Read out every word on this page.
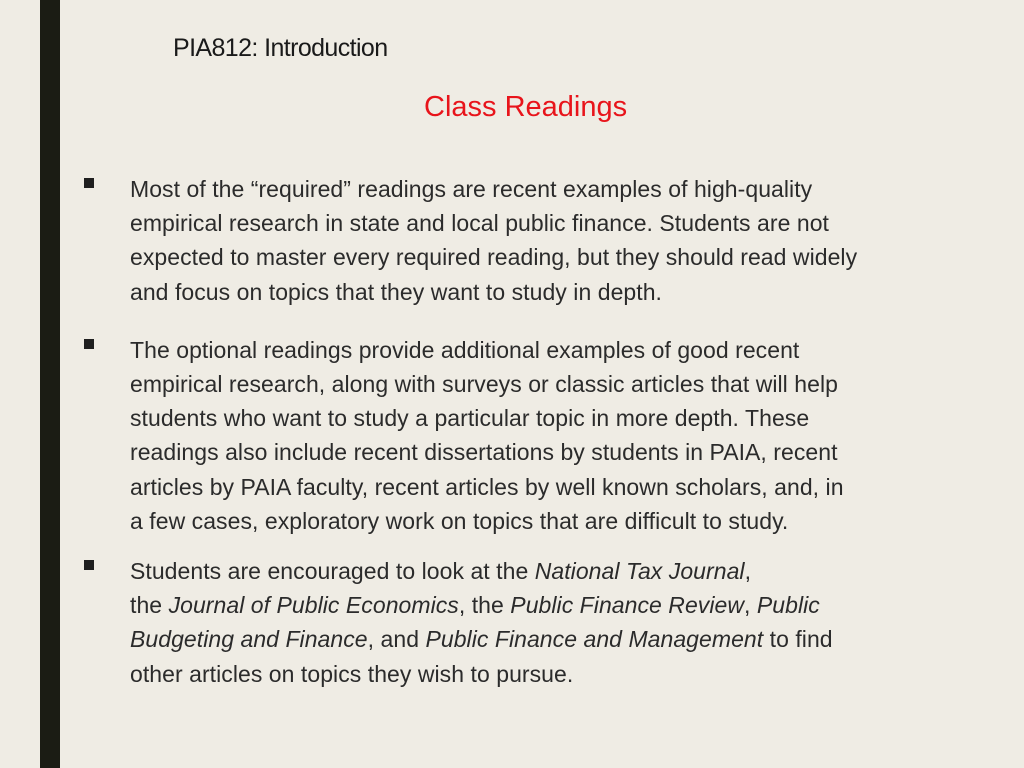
PIA812: Introduction
Class Readings
Most of the “required” readings are recent examples of high-quality
empirical research in state and local public finance. Students are not
expected to master every required reading, but they should read widely
and focus on topics that they want to study in depth.
The optional readings provide additional examples of good recent
empirical research, along with surveys or classic articles that will help
students who want to study a particular topic in more depth. These
readings also include recent dissertations by students in PAIA, recent
articles by PAIA faculty, recent articles by well known scholars, and, in
a few cases, exploratory work on topics that are difficult to study.
Students are encouraged to look at the National Tax Journal,
the Journal of Public Economics, the Public Finance Review, Public
Budgeting and Finance, and Public Finance and Management to find
other articles on topics they wish to pursue.
